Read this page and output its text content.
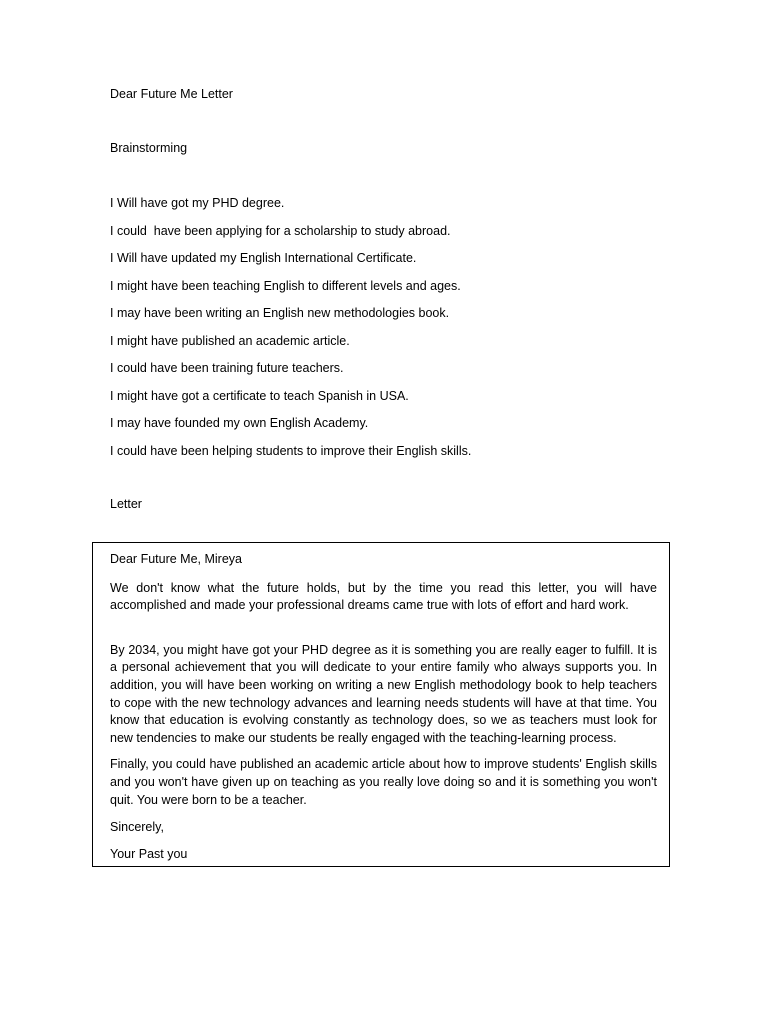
Dear Future Me Letter
Brainstorming
I Will have got my PHD degree.
I could  have been applying for a scholarship to study abroad.
I Will have updated my English International Certificate.
I might have been teaching English to different levels and ages.
I may have been writing an English new methodologies book.
I might have published an academic article.
I could have been training future teachers.
I might have got a certificate to teach Spanish in USA.
I may have founded my own English Academy.
I could have been helping students to improve their English skills.
Letter

Dear Future Me, Mireya

We don't know what the future holds, but by the time you read this letter, you will have accomplished and made your professional dreams came true with lots of effort and hard work.

By 2034, you might have got your PHD degree as it is something you are really eager to fulfill. It is a personal achievement that you will dedicate to your entire family who always supports you. In addition, you will have been working on writing a new English methodology book to help teachers to cope with the new technology advances and learning needs students will have at that time. You know that education is evolving constantly as technology does, so we as teachers must look for new tendencies to make our students be really engaged with the teaching-learning process.

Finally, you could have published an academic article about how to improve students' English skills and you won't have given up on teaching as you really love doing so and it is something you won't quit. You were born to be a teacher.

Sincerely,

Your Past you
